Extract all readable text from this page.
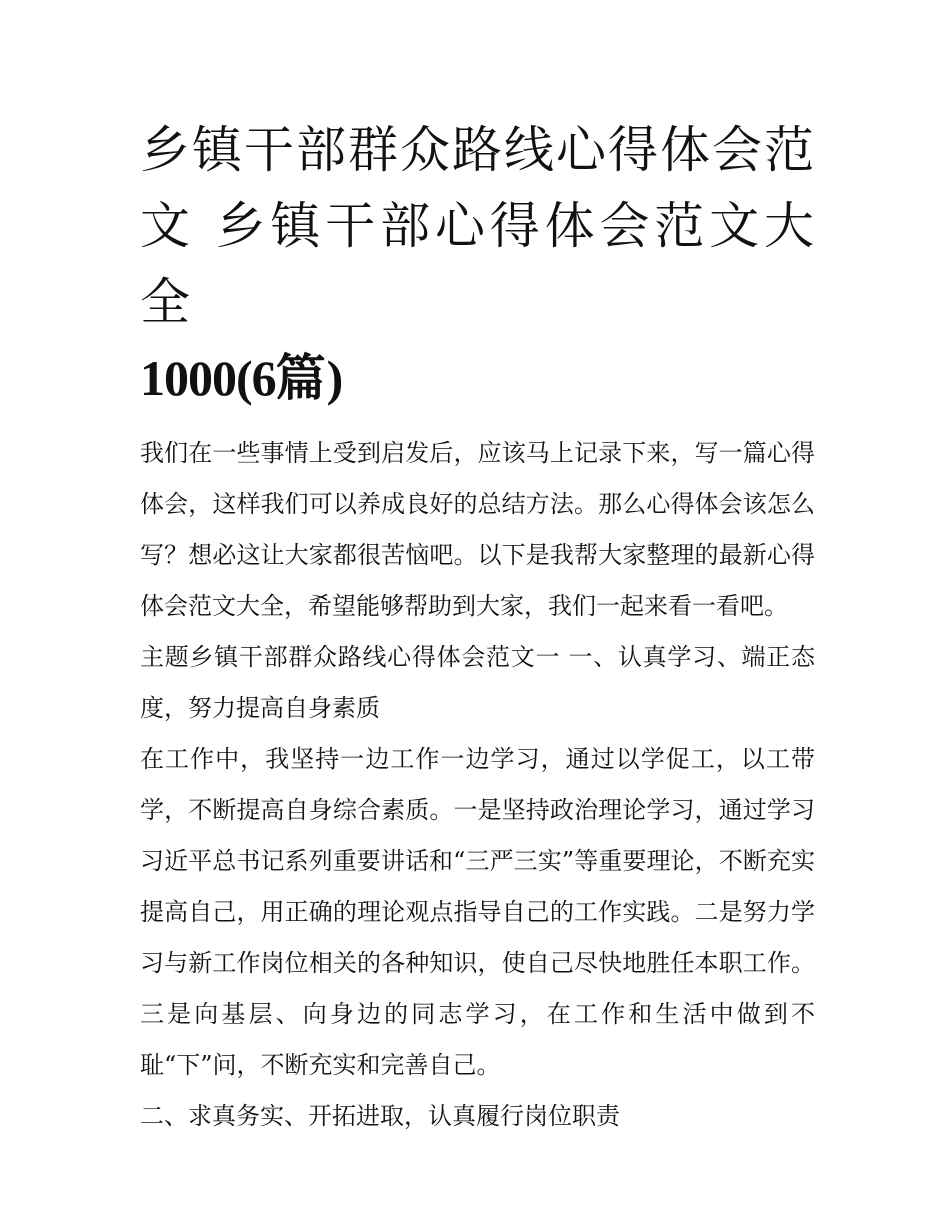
乡镇干部群众路线心得体会范文 乡镇干部心得体会范文大全
1000(6篇)

我们在一些事情上受到启发后，应该马上记录下来，写一篇心得体会，这样我们可以养成良好的总结方法。那么心得体会该怎么写？想必这让大家都很苦恼吧。以下是我帮大家整理的最新心得体会范文大全，希望能够帮助到大家，我们一起来看一看吧。

主题乡镇干部群众路线心得体会范文一 一、认真学习、端正态度，努力提高自身素质

在工作中，我坚持一边工作一边学习，通过以学促工，以工带学，不断提高自身综合素质。一是坚持政治理论学习，通过学习习近平总书记系列重要讲话和“三严三实”等重要理论，不断充实提高自己，用正确的理论观点指导自己的工作实践。二是努力学习与新工作岗位相关的各种知识，使自己尽快地胜任本职工作。三是向基层、向身边的同志学习，在工作和生活中做到不耻“下”问，不断充实和完善自己。

二、求真务实、开拓进取，认真履行岗位职责
